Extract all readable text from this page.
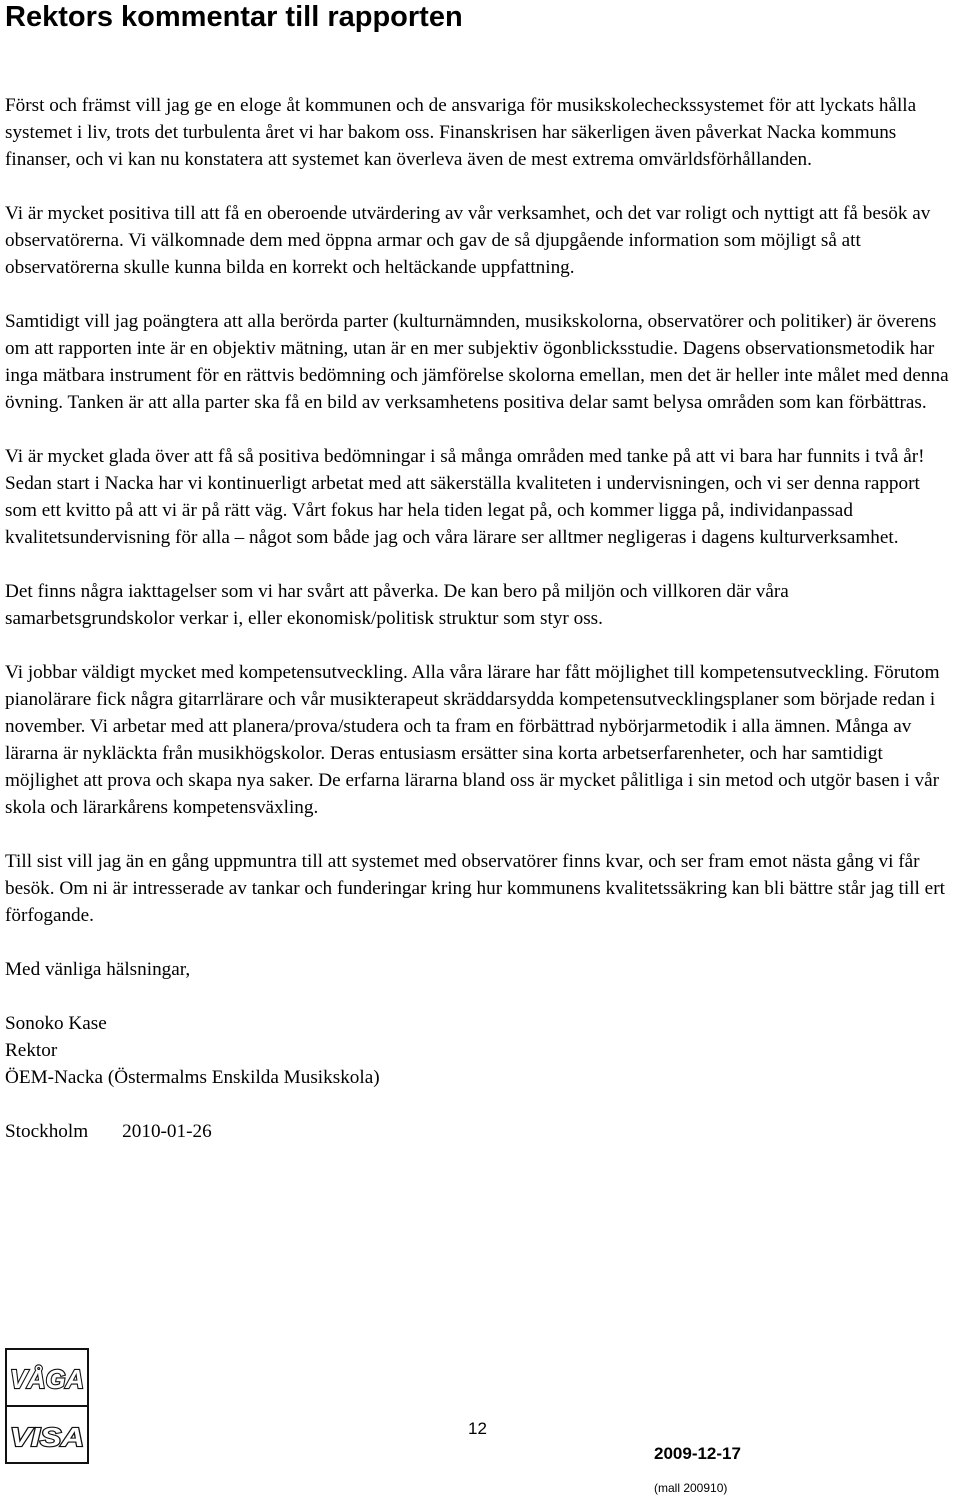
Rektors kommentar till rapporten

Först och främst vill jag ge en eloge åt kommunen och de ansvariga för musikskolecheckssystemet för att lyckats hålla systemet i liv, trots det turbulenta året vi har bakom oss. Finanskrisen har säkerligen även påverkat Nacka kommuns finanser, och vi kan nu konstatera att systemet kan överleva även de mest extrema omvärldsförhållanden.

Vi är mycket positiva till att få en oberoende utvärdering av vår verksamhet, och det var roligt och nyttigt att få besök av observatörerna. Vi välkomnade dem med öppna armar och gav de så djupgående information som möjligt så att observatörerna skulle kunna bilda en korrekt och heltäckande uppfattning.

Samtidigt vill jag poängtera att alla berörda parter (kulturnämnden, musikskolorna, observatörer och politiker) är överens om att rapporten inte är en objektiv mätning, utan är en mer subjektiv ögonblicksstudie. Dagens observationsmetodik har inga mätbara instrument för en rättvis bedömning och jämförelse skolorna emellan, men det är heller inte målet med denna övning. Tanken är att alla parter ska få en bild av verksamhetens positiva delar samt belysa områden som kan förbättras.

Vi är mycket glada över att få så positiva bedömningar i så många områden med tanke på att vi bara har funnits i två år! Sedan start i Nacka har vi kontinuerligt arbetat med att säkerställa kvaliteten i undervisningen, och vi ser denna rapport som ett kvitto på att vi är på rätt väg. Vårt fokus har hela tiden legat på, och kommer ligga på, individanpassad kvalitetsundervisning för alla – något som både jag och våra lärare ser alltmer negligeras i dagens kulturverksamhet.

Det finns några iakttagelser som vi har svårt att påverka. De kan bero på miljön och villkoren där våra samarbetsgrundskolor verkar i, eller ekonomisk/politisk struktur som styr oss.

Vi jobbar väldigt mycket med kompetensutveckling. Alla våra lärare har fått möjlighet till kompetensutveckling. Förutom pianolärare fick några gitarrlärare och vår musikterapeut skräddarsydda kompetensutvecklingsplaner som började redan i november. Vi arbetar med att planera/prova/studera och ta fram en förbättrad nybörjarmetodik i alla ämnen. Många av lärarna är nykläckta från musikhögskolor. Deras entusiasm ersätter sina korta arbetserfarenheter, och har samtidigt möjlighet att prova och skapa nya saker. De erfarna lärarna bland oss är mycket pålitliga i sin metod och utgör basen i vår skola och lärarkårens kompetensväxling.

Till sist vill jag än en gång uppmuntra till att systemet med observatörer finns kvar, och ser fram emot nästa gång vi får besök. Om ni är intresserade av tankar och funderingar kring hur kommunens kvalitetssäkring kan bli bättre står jag till ert förfogande.

Med vänliga hälsningar,

Sonoko Kase
Rektor
ÖEM-Nacka (Östermalms Enskilda Musikskola)

Stockholm 2010-01-26

VÅGA
VISA	12
2009-12-17
(mall 200910)
